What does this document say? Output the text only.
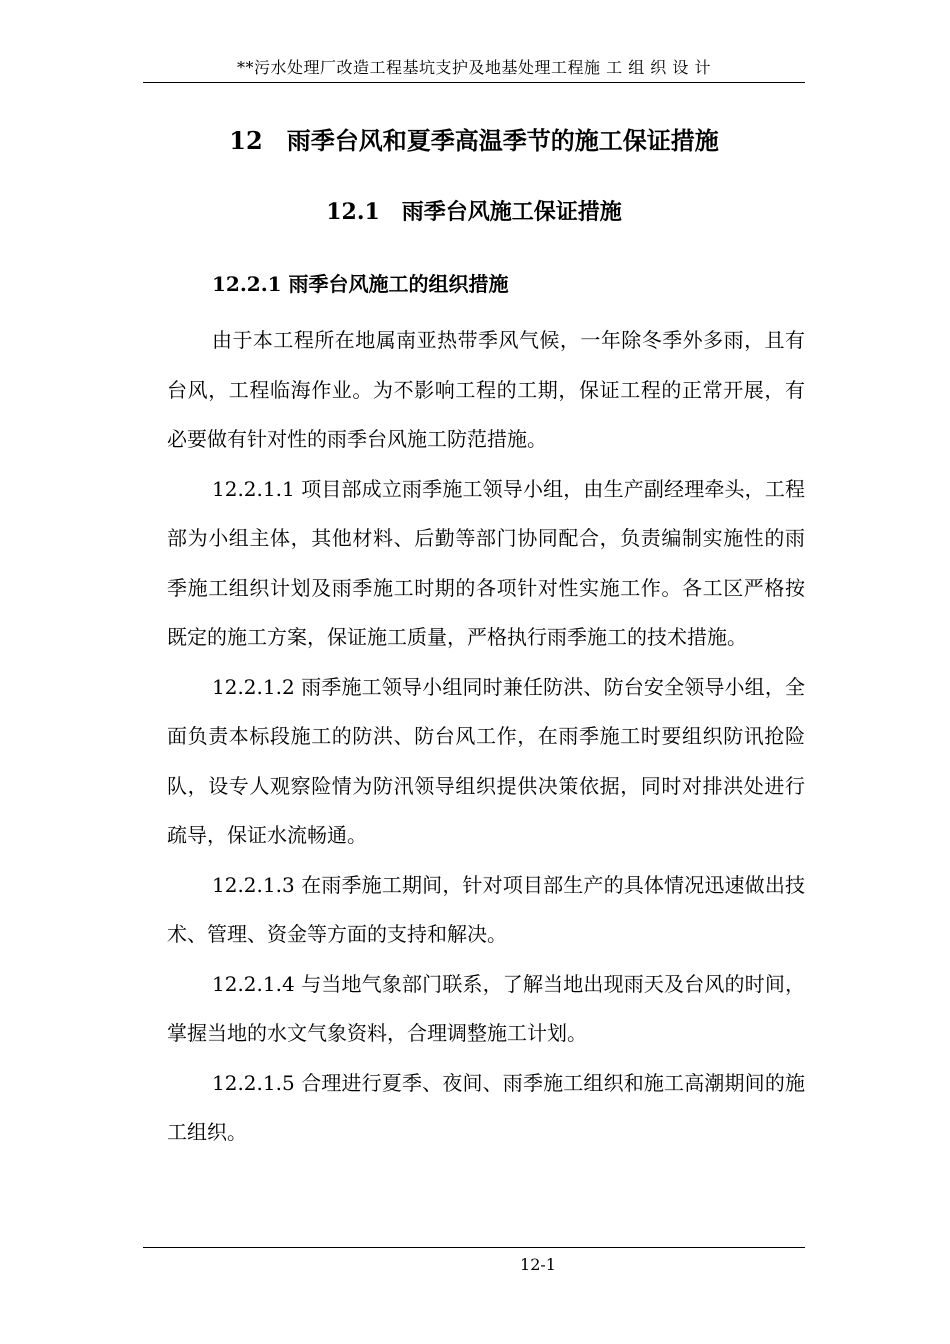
**污水处理厂改造工程基坑支护及地基处理工程施 工 组 织 设 计
12　雨季台风和夏季高温季节的施工保证措施
12.1　雨季台风施工保证措施
12.2.1 雨季台风施工的组织措施

由于本工程所在地属南亚热带季风气候，一年除冬季外多雨，且有台风，工程临海作业。为不影响工程的工期，保证工程的正常开展，有必要做有针对性的雨季台风施工防范措施。

12.2.1.1 项目部成立雨季施工领导小组，由生产副经理牵头，工程部为小组主体，其他材料、后勤等部门协同配合，负责编制实施性的雨季施工组织计划及雨季施工时期的各项针对性实施工作。各工区严格按既定的施工方案，保证施工质量，严格执行雨季施工的技术措施。

12.2.1.2 雨季施工领导小组同时兼任防洪、防台安全领导小组，全面负责本标段施工的防洪、防台风工作，在雨季施工时要组织防讯抢险队，设专人观察险情为防汛领导组织提供决策依据，同时对排洪处进行疏导，保证水流畅通。

12.2.1.3 在雨季施工期间，针对项目部生产的具体情况迅速做出技术、管理、资金等方面的支持和解决。

12.2.1.4 与当地气象部门联系，了解当地出现雨天及台风的时间，掌握当地的水文气象资料，合理调整施工计划。

12.2.1.5 合理进行夏季、夜间、雨季施工组织和施工高潮期间的施工组织。

12-1
